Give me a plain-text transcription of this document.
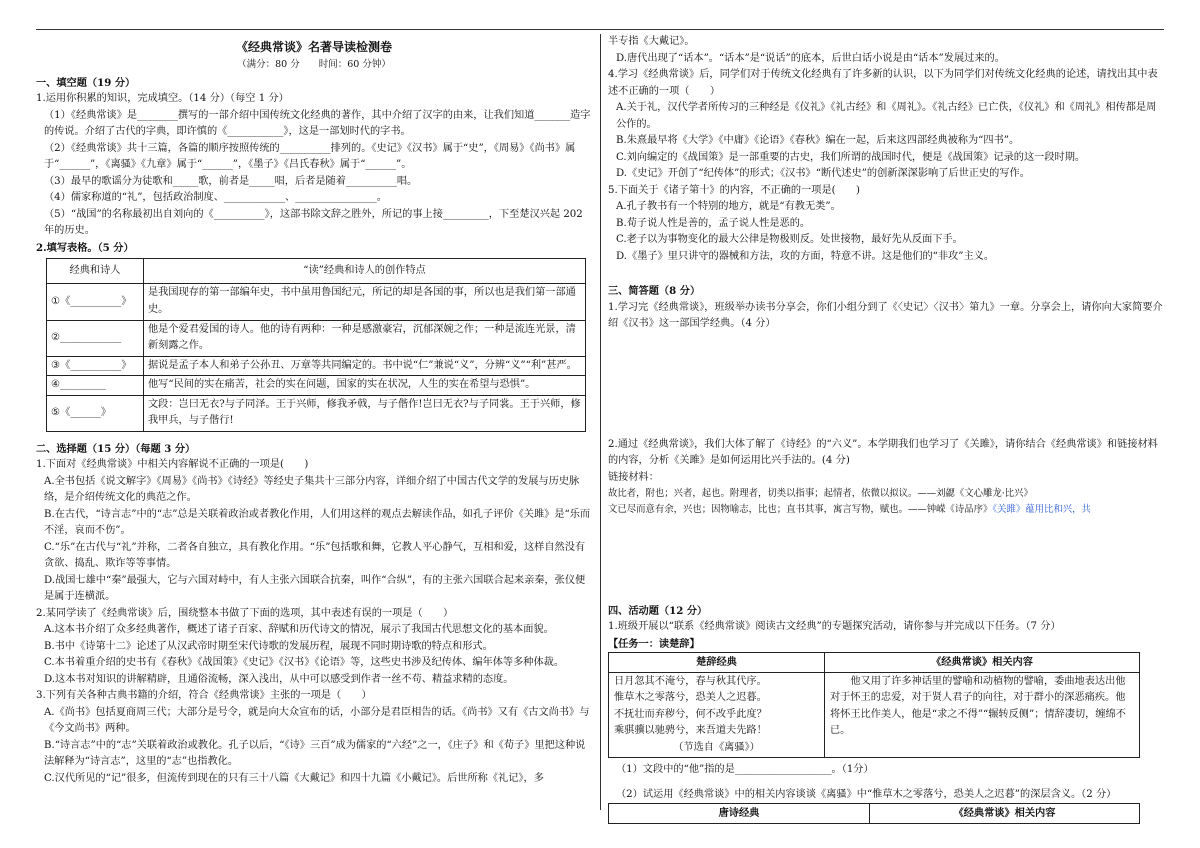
《经典常谈》名著导读检测卷
（满分：80 分　　时间：60 分钟）
一、填空题（19 分）
1.运用你积累的知识，完成填空。（14 分）（每空 1 分）
（1）《经典常谈》是________撰写的一部介绍中国传统文化经典的著作，其中介绍了汉字的由来，让我们知道_______造字的传说。介绍了古代的字典，即许慎的《___________》，这是一部划时代的字书。
（2）《经典常谈》共十三篇，各篇的顺序按照传统的__________排列的。《史记》《汉书》属于“史”，《周易》《尚书》属于“______”，《离骚》《九章》属于“______”，《墨子》《吕氏春秋》属于“______”。
（3）最早的歌谣分为徒歌和_____歌，前者是_____唱，后者是随着__________唱。
（4）儒家称道的“礼”，包括政治制度、____________、________________。
（5）“战国”的名称最初出自刘向的《__________》，这部书除文辞之胜外，所记的事上接_________，下至楚汉兴起 202 年的历史。
2.填写表格。（5 分）
经典和诗人	“读”经典和诗人的创作特点
①《__________》	是我国现存的第一部编年史，书中虽用鲁国纪元，所记的却是各国的事，所以也是我们第一部通史。
②____________	他是个爱君爱国的诗人。他的诗有两种：一种是感激豪宕，沉郁深婉之作；一种是流连光景，清新刻露之作。
③《__________》	据说是孟子本人和弟子公孙丑、万章等共同编定的。书中说“仁”兼说“义”，分辨“义”“利”甚严。
④_________	他写“民间的实在痛苦，社会的实在问题，国家的实在状况，人生的实在希望与恐惧”。
⑤《______》	文段：岂曰无衣?与子同泽。王于兴师，修我矛戟，与子偕作!岂曰无衣?与子同裳。王于兴师，修我甲兵，与子偕行!
二、选择题（15 分）（每题 3 分）
1.下面对《经典常谈》中相关内容解说不正确的一项是(　　)
A.全书包括《说文解字》《周易》《尚书》《诗经》等经史子集共十三部分内容，详细介绍了中国古代文学的发展与历史脉络，是介绍传统文化的典范之作。
B.在古代，“诗言志”中的“志”总是关联着政治或者教化作用，人们用这样的观点去解读作品，如孔子评价《关雎》是“乐而不淫，哀而不伤”。
C.“乐”在古代与“礼”并称，二者各自独立，具有教化作用。“乐”包括歌和舞，它教人平心静气，互相和爱，这样自然没有贪欲、捣乱、欺诈等等事情。
D.战国七雄中“秦”最强大，它与六国对峙中，有人主张六国联合抗秦，叫作“合纵”，有的主张六国联合起来亲秦，张仪便是属于连横派。
2.某同学读了《经典常谈》后，围绕整本书做了下面的选项，其中表述有误的一项是（　　）
A.这本书介绍了众多经典著作，概述了诸子百家、辞赋和历代诗文的情况，展示了我国古代思想文化的基本面貌。
B.书中《诗第十二》论述了从汉武帝时期至宋代诗歌的发展历程，展现不同时期诗歌的特点和形式。
C.本书着重介绍的史书有《春秋》《战国策》《史记》《汉书》《论语》等，这些史书涉及纪传体、编年体等多种体裁。
D.这本书对知识的讲解精辟，且通俗流畅，深入浅出，从中可以感受到作者一丝不苟、精益求精的态度。
3.下列有关各种古典书籍的介绍，符合《经典常谈》主张的一项是（　　）
A.《尚书》包括夏商周三代；大部分是号令，就是向大众宣布的话，小部分是君臣相告的话。《尚书》又有《古文尚书》与《今文尚书》两种。
B.“诗言志”中的“志”关联着政治或教化。孔子以后，“《诗》三百”成为儒家的“六经”之一，《庄子》和《荀子》里把这种说法解释为“诗言志”，这里的“志”也指教化。
C.汉代所见的“记”很多，但流传到现在的只有三十八篇《大戴记》和四十九篇《小戴记》。后世所称《礼记》，多
半专指《大戴记》。
D.唐代出现了“话本”。“话本”是“说话”的底本，后世白话小说是由“话本”发展过来的。
4.学习《经典常谈》后，同学们对于传统文化经典有了许多新的认识，以下为同学们对传统文化经典的论述，请找出其中表述不正确的一项（　　）
A.关于礼，汉代学者所传习的三种经是《仪礼》《礼古经》和《周礼》。《礼古经》已亡佚，《仪礼》和《周礼》相传都是周公作的。
B.朱熹最早将《大学》《中庸》《论语》《春秋》编在一起，后来这四部经典被称为“四书”。
C.刘向编定的《战国策》是一部重要的古史，我们所谓的战国时代，便是《战国策》记录的这一段时期。
D.《史记》开创了“纪传体”的形式；《汉书》“断代述史”的创新深深影响了后世正史的写作。
5.下面关于《诸子第十》的内容，不正确的一项是(　　)
A.孔子教书有一个特别的地方，就是“有教无类”。
B.荀子说人性是善的，孟子说人性是恶的。
C.老子以为事物变化的最大公律是物极则反。处世接物，最好先从反面下手。
D.《墨子》里只讲守的器械和方法，攻的方面，特意不讲。这是他们的“非攻”主义。
三、简答题（8 分）
1.学习完《经典常谈》，班级举办读书分享会，你们小组分到了《〈史记〉〈汉书〉第九》一章。分享会上，请你向大家简要介绍《汉书》这一部国学经典。（4 分）
2.通过《经典常谈》，我们大体了解了《诗经》的“六义”。本学期我们也学习了《关雎》，请你结合《经典常谈》和链接材料的内容，分析《关雎》是如何运用比兴手法的。(4 分)
链接材料：
故比者，附也；兴者，起也。附理者，切类以指事；起情者，依微以拟议。——刘勰《文心雕龙·比兴》
文已尽而意有余，兴也；因物喻志，比也；直书其事，寓言写物，赋也。——钟嵘《诗品序》《关雎》蕴用比和兴，共
四、活动题（12 分）
1.班级开展以“联系《经典常谈》阅读古文经典”的专题探究活动，请你参与并完成以下任务。（7 分）
【任务一：读楚辞】
楚辞经典	《经典常谈》相关内容

日月忽其不淹兮，春与秋其代序。
惟草木之零落兮，恐美人之迟暮。
不抚壮而弃秽兮，何不改乎此度？
乘骐骥以驰骋兮，来吾道夫先路！
（节选自《离骚》）	他又用了许多神话里的譬喻和动植物的譬喻，委曲地表达出他对于怀王的忠爱，对于贤人君子的向往，对于群小的深恶痛疾。他将怀王比作美人，他是“求之不得”“辗转反侧”；情辞凄切，缠绵不已。
（1）文段中的“他”指的是___________________。（1分）
（2）试运用《经典常谈》中的相关内容谈谈《离骚》中“惟草木之零落兮，恐美人之迟暮”的深层含义。（2 分）
唐诗经典	《经典常谈》相关内容
